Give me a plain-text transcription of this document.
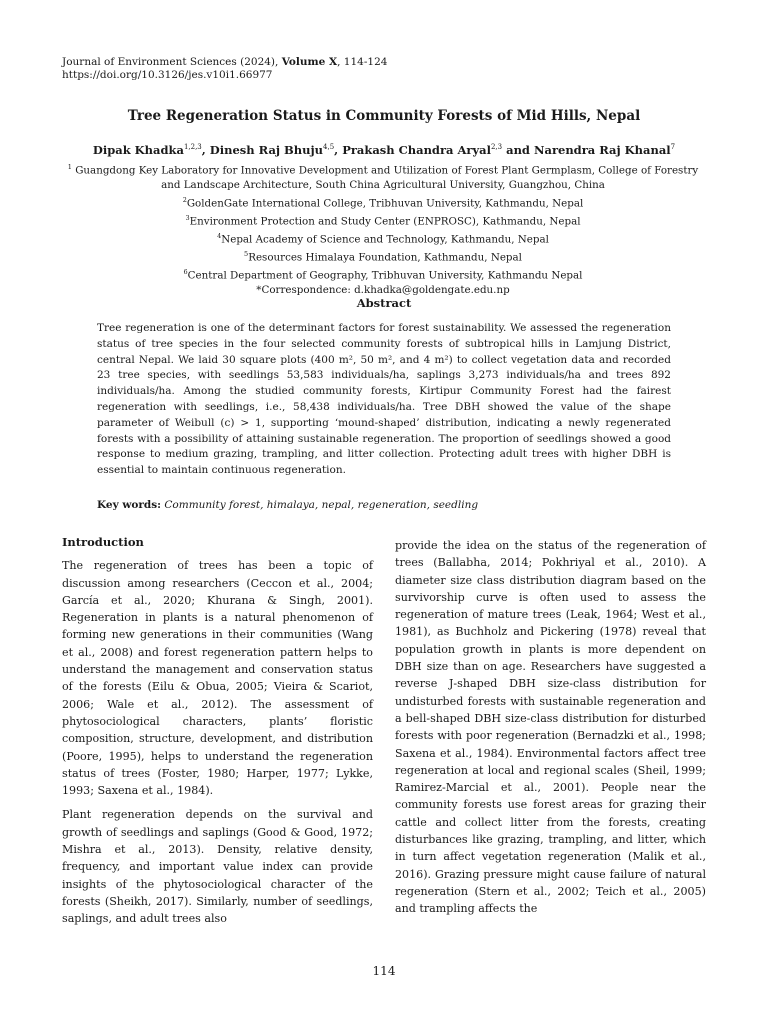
Journal of Environment Sciences (2024), Volume X, 114-124
https://doi.org/10.3126/jes.v10i1.66977
Tree Regeneration Status in Community Forests of Mid Hills, Nepal
Dipak Khadka$^{1,2,3}$, Dinesh Raj Bhuju$^{4,5}$, Prakash Chandra Aryal$^{2,3}$ and Narendra Raj Khanal$^7$
$^1$ Guangdong Key Laboratory for Innovative Development and Utilization of Forest Plant Germplasm, College of Forestry and Landscape Architecture, South China Agricultural University, Guangzhou, China
$^2$GoldenGate International College, Tribhuvan University, Kathmandu, Nepal
$^3$Environment Protection and Study Center (ENPROSC), Kathmandu, Nepal
$^4$Nepal Academy of Science and Technology, Kathmandu, Nepal
$^5$Resources Himalaya Foundation, Kathmandu, Nepal
$^6$Central Department of Geography, Tribhuvan University, Kathmandu Nepal
*Correspondence: d.khadka@goldengate.edu.np
Abstract
Tree regeneration is one of the determinant factors for forest sustainability. We assessed the regeneration status of tree species in the four selected community forests of subtropical hills in Lamjung District, central Nepal. We laid 30 square plots (400 m², 50 m², and 4 m²) to collect vegetation data and recorded 23 tree species, with seedlings 53,583 individuals/ha, saplings 3,273 individuals/ha and trees 892 individuals/ha. Among the studied community forests, Kirtipur Community Forest had the fairest regeneration with seedlings, i.e., 58,438 individuals/ha. Tree DBH showed the value of the shape parameter of Weibull (c) > 1, supporting ‘mound-shaped’ distribution, indicating a newly regenerated forests with a possibility of attaining sustainable regeneration. The proportion of seedlings showed a good response to medium grazing, trampling, and litter collection. Protecting adult trees with higher DBH is essential to maintain continuous regeneration.
Key words: Community forest, himalaya, nepal, regeneration, seedling
Introduction

The regeneration of trees has been a topic of discussion among researchers (Ceccon et al., 2004; García et al., 2020; Khurana & Singh, 2001). Regeneration in plants is a natural phenomenon of forming new generations in their communities (Wang et al., 2008) and forest regeneration pattern helps to understand the management and conservation status of the forests (Eilu & Obua, 2005; Vieira & Scariot, 2006; Wale et al., 2012). The assessment of phytosociological characters, plants’ floristic composition, structure, development, and distribution (Poore, 1995), helps to understand the regeneration status of trees (Foster, 1980; Harper, 1977; Lykke, 1993; Saxena et al., 1984).

Plant regeneration depends on the survival and growth of seedlings and saplings (Good & Good, 1972; Mishra et al., 2013). Density, relative density, frequency, and important value index can provide insights of the phytosociological character of the forests (Sheikh, 2017). Similarly, number of seedlings, saplings, and adult trees also

provide the idea on the status of the regeneration of trees (Ballabha, 2014; Pokhriyal et al., 2010). A diameter size class distribution diagram based on the survivorship curve is often used to assess the regeneration of mature trees (Leak, 1964; West et al., 1981), as Buchholz and Pickering (1978) reveal that population growth in plants is more dependent on DBH size than on age. Researchers have suggested a reverse J-shaped DBH size-class distribution for undisturbed forests with sustainable regeneration and a bell-shaped DBH size-class distribution for disturbed forests with poor regeneration (Bernadzki et al., 1998; Saxena et al., 1984). Environmental factors affect tree regeneration at local and regional scales (Sheil, 1999; Ramirez-Marcial et al., 2001). People near the community forests use forest areas for grazing their cattle and collect litter from the forests, creating disturbances like grazing, trampling, and litter, which in turn affect vegetation regeneration (Malik et al., 2016). Grazing pressure might cause failure of natural regeneration (Stern et al., 2002; Teich et al., 2005) and trampling affects the

114
